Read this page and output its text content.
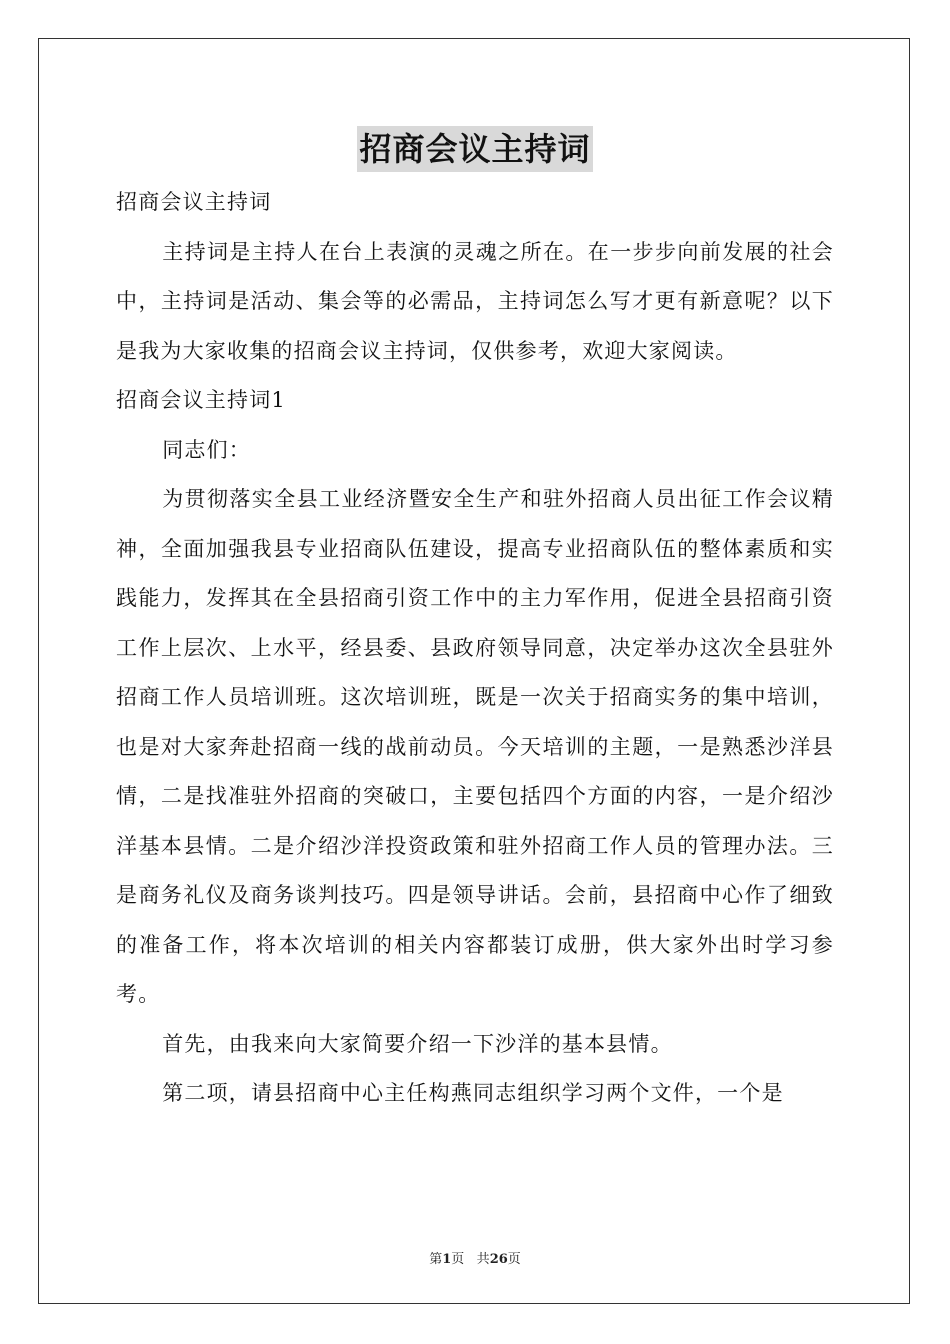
招商会议主持词

招商会议主持词

主持词是主持人在台上表演的灵魂之所在。在一步步向前发展的社会中，主持词是活动、集会等的必需品，主持词怎么写才更有新意呢？以下是我为大家收集的招商会议主持词，仅供参考，欢迎大家阅读。

招商会议主持词1

同志们：

为贯彻落实全县工业经济暨安全生产和驻外招商人员出征工作会议精神，全面加强我县专业招商队伍建设，提高专业招商队伍的整体素质和实践能力，发挥其在全县招商引资工作中的主力军作用，促进全县招商引资工作上层次、上水平，经县委、县政府领导同意，决定举办这次全县驻外招商工作人员培训班。这次培训班，既是一次关于招商实务的集中培训，也是对大家奔赴招商一线的战前动员。今天培训的主题，一是熟悉沙洋县情，二是找准驻外招商的突破口，主要包括四个方面的内容，一是介绍沙洋基本县情。二是介绍沙洋投资政策和驻外招商工作人员的管理办法。三是商务礼仪及商务谈判技巧。四是领导讲话。会前，县招商中心作了细致的准备工作，将本次培训的相关内容都装订成册，供大家外出时学习参考。

首先，由我来向大家简要介绍一下沙洋的基本县情。

第二项，请县招商中心主任构燕同志组织学习两个文件，一个是

第1页 共26页
